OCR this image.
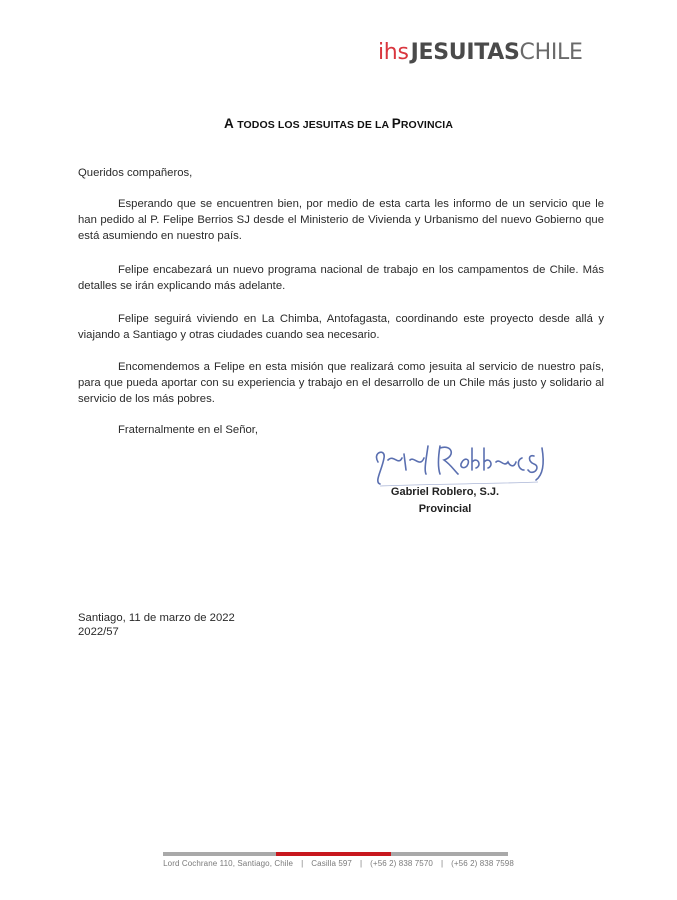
ihs JESUITAS CHILE
A TODOS LOS JESUITAS DE LA PROVINCIA
Queridos compañeros,
Esperando que se encuentren bien, por medio de esta carta les informo de un servicio que le han pedido al P. Felipe Berrios SJ desde el Ministerio de Vivienda y Urbanismo del nuevo Gobierno que está asumiendo en nuestro país.
Felipe encabezará un nuevo programa nacional de trabajo en los campamentos de Chile. Más detalles se irán explicando más adelante.
Felipe seguirá viviendo en La Chimba, Antofagasta, coordinando este proyecto desde allá y viajando a Santiago y otras ciudades cuando sea necesario.
Encomendemos a Felipe en esta misión que realizará como jesuita al servicio de nuestro país, para que pueda aportar con su experiencia y trabajo en el desarrollo de un Chile más justo y solidario al servicio de los más pobres.
Fraternalmente en el Señor,
Gabriel Roblero, S.J.
Provincial
Santiago, 11 de marzo de 2022
2022/57
Lord Cochrane 110, Santiago, Chile | Casilla 597 | (+56 2) 838 7570 | (+56 2) 838 7598
